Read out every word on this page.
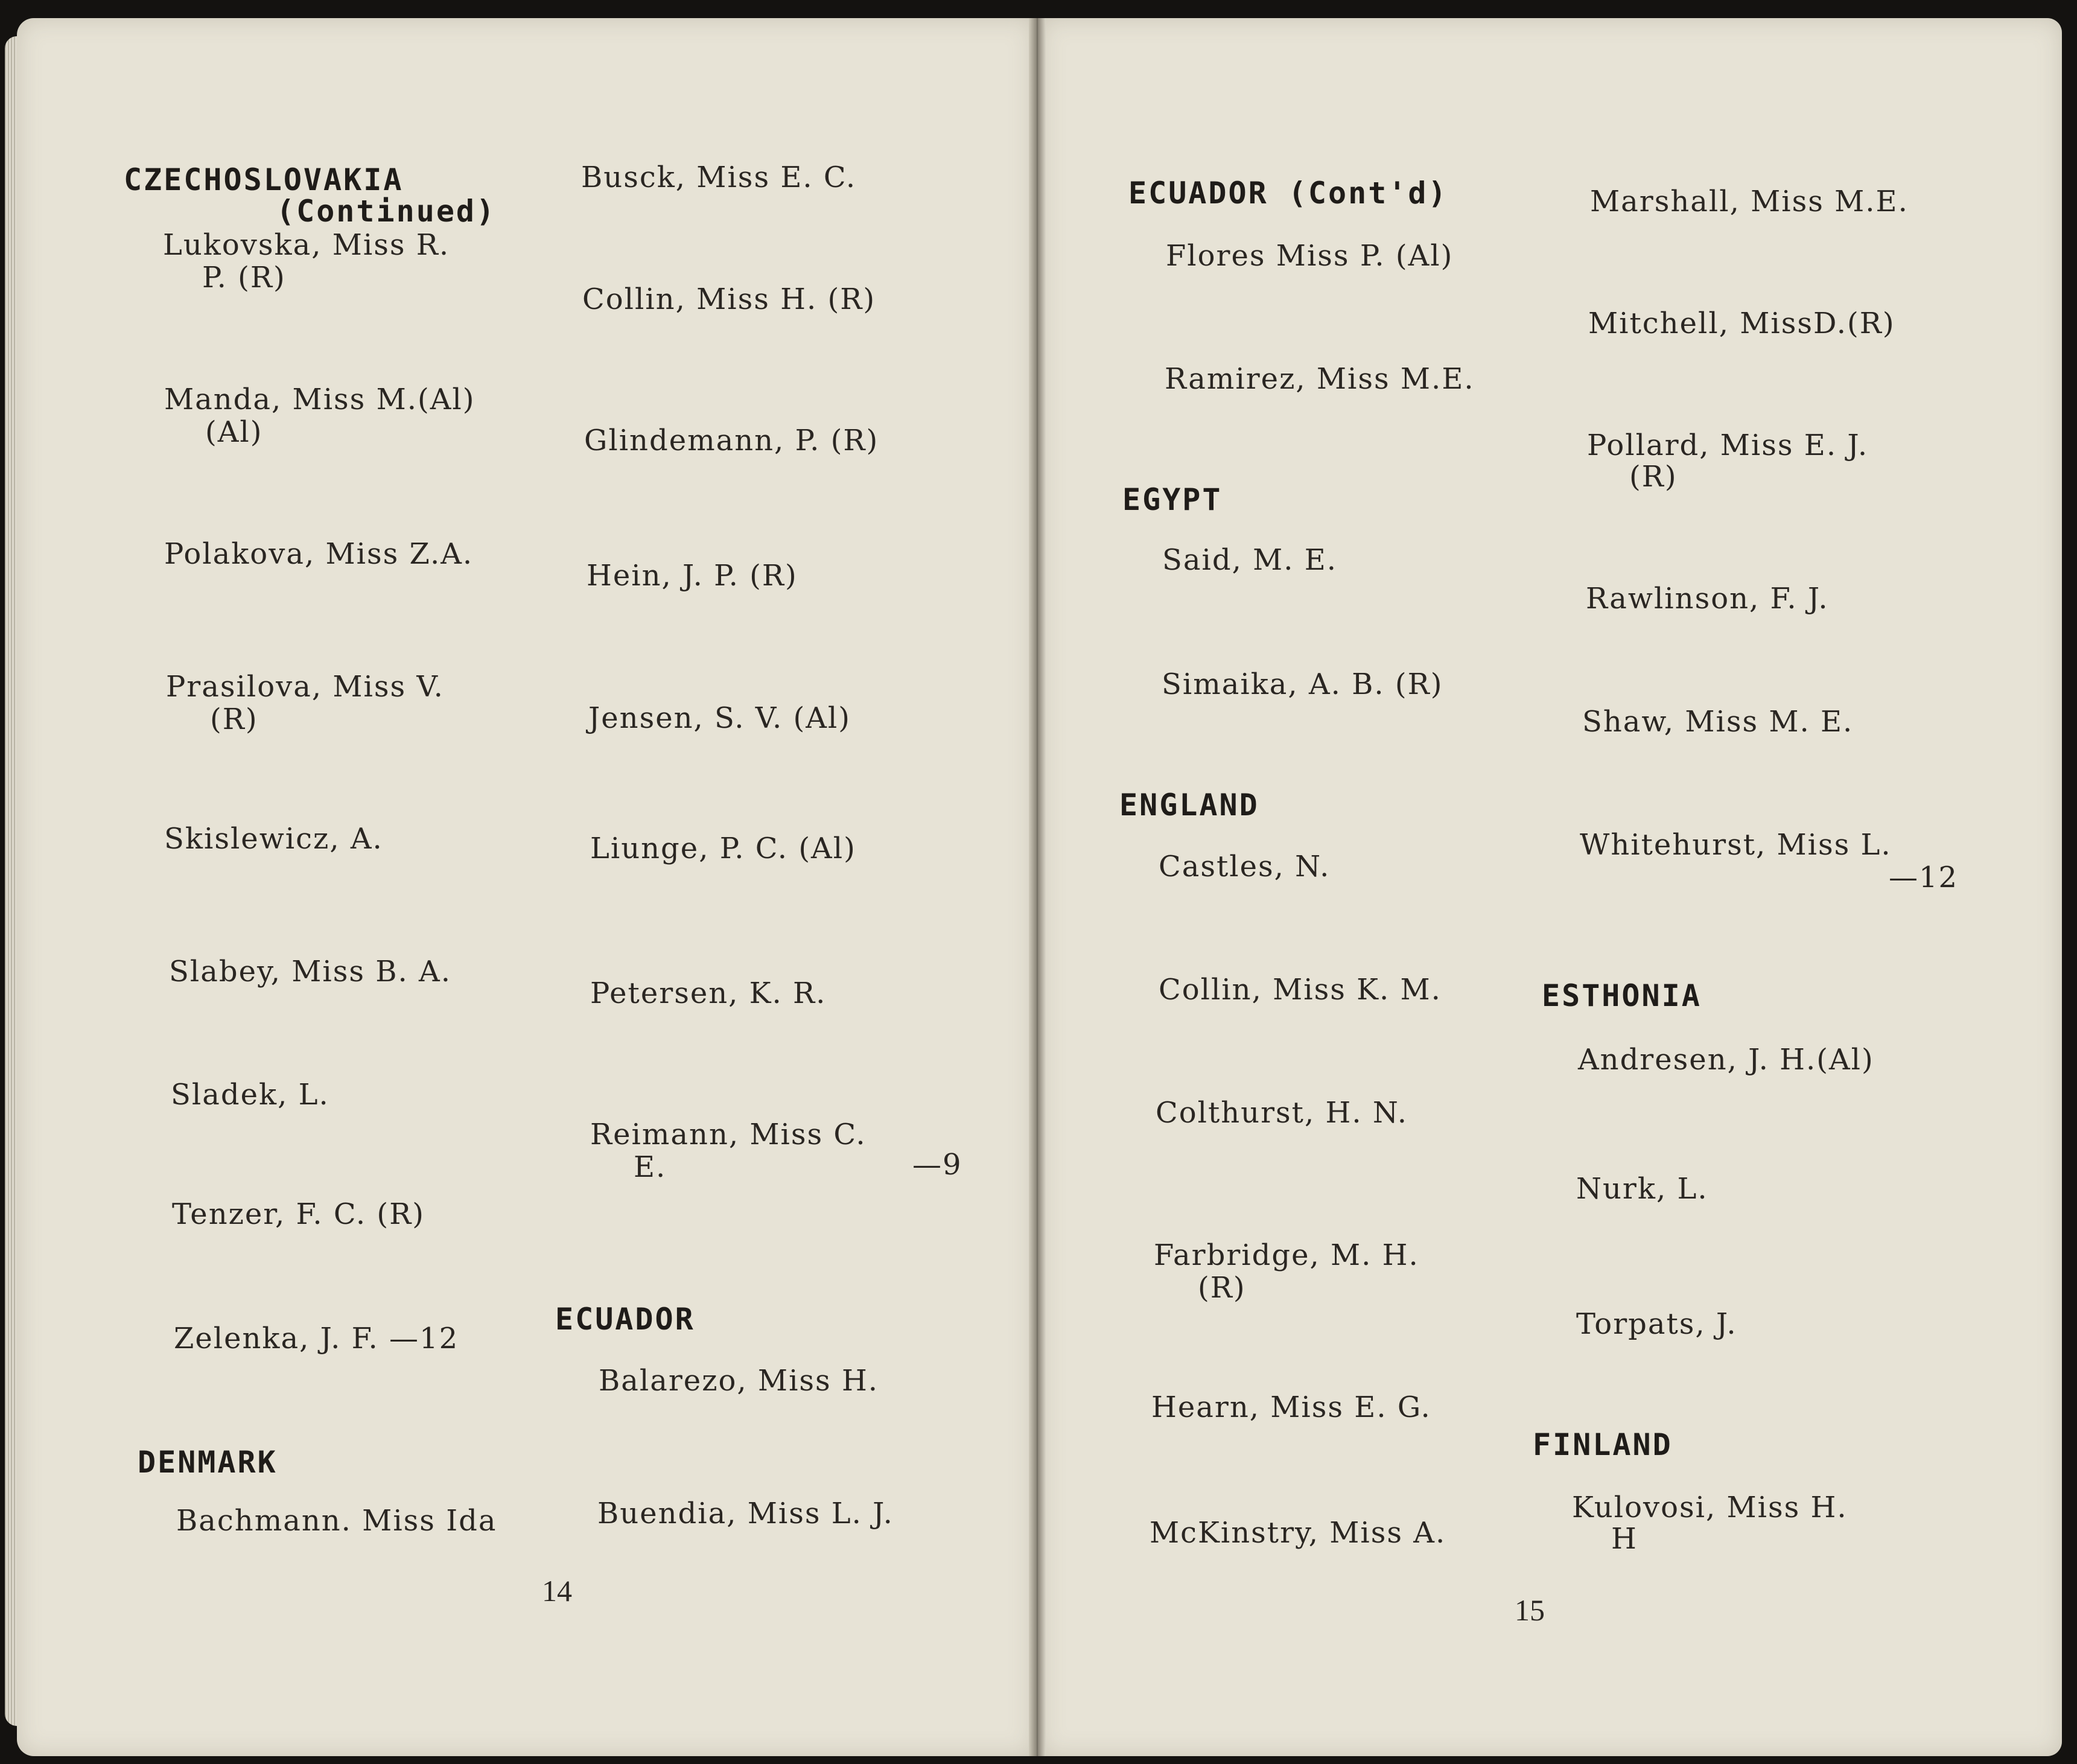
CZECHOSLOVAKIA
(Continued)
Lukovska, Miss R.
P. (R)
Manda, Miss M.(Al)
(Al)
Polakova, Miss Z.A.
Prasilova, Miss V.
(R)
Skislewicz, A.
Slabey, Miss B. A.
Sladek, L.
Tenzer, F. C. (R)
Zelenka, J. F. —12
DENMARK
Bachmann. Miss Ida
Busck, Miss E. C.
Collin, Miss H. (R)
Glindemann, P. (R)
Hein, J. P. (R)
Jensen, S. V. (Al)
Liunge, P. C. (Al)
Petersen, K. R.
Reimann, Miss C.
E.	—9
ECUADOR
Balarezo, Miss H.
Buendia, Miss L. J.
14
ECUADOR (Cont'd)
Flores Miss P. (Al)
Ramirez, Miss M.E.
EGYPT
Said, M. E.
Simaika, A. B. (R)
ENGLAND
Castles, N.
Collin, Miss K. M.
Colthurst, H. N.
Farbridge, M. H.
(R)
Hearn, Miss E. G.
McKinstry, Miss A.
Marshall, Miss M.E.
Mitchell, MissD.(R)
Pollard, Miss E. J.
(R)
Rawlinson, F. J.
Shaw, Miss M. E.
Whitehurst, Miss L.
—12
ESTHONIA
Andresen, J. H.(Al)
Nurk, L.
Torpats, J.
FINLAND
Kulovosi, Miss H.
H
15
